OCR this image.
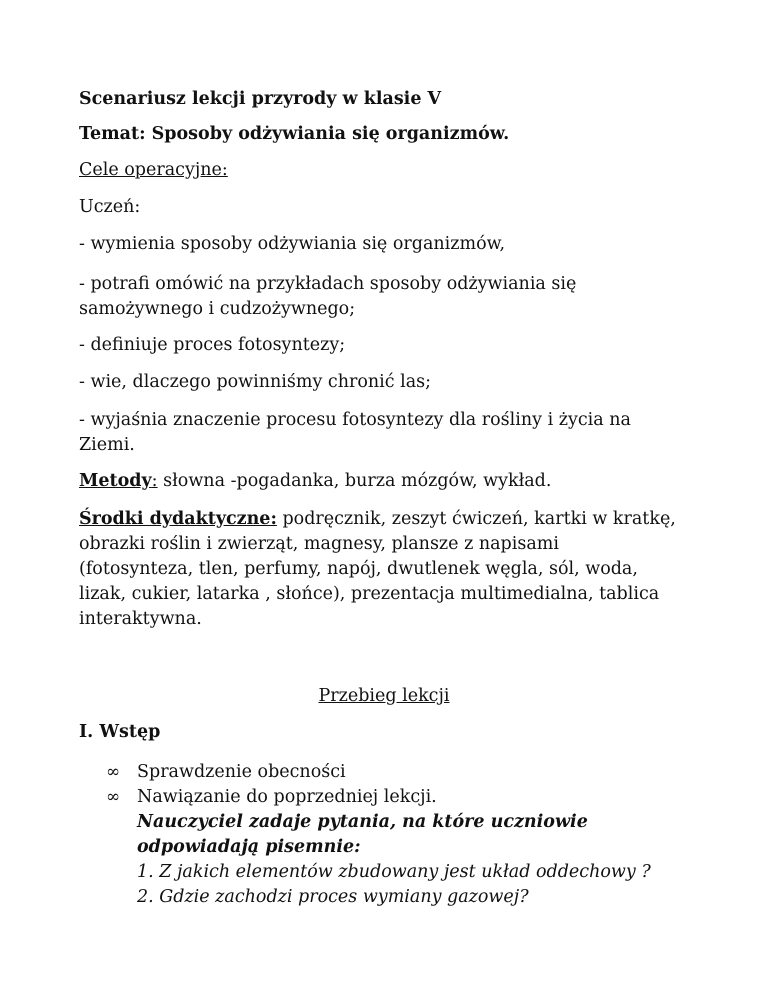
Scenariusz lekcji przyrody w klasie V
Temat: Sposoby odżywiania się organizmów.
Cele operacyjne:
Uczeń:
- wymienia sposoby odżywiania się organizmów,
- potrafi omówić na przykładach sposoby odżywiania się
samożywnego i cudzożywnego;
- definiuje proces fotosyntezy;
- wie, dlaczego powinniśmy chronić las;
- wyjaśnia znaczenie procesu fotosyntezy dla rośliny i życia na
Ziemi.
Metody: słowna -pogadanka, burza mózgów, wykład.
Środki dydaktyczne: podręcznik, zeszyt ćwiczeń, kartki w kratkę,
obrazki roślin i zwierząt, magnesy, plansze z napisami
(fotosynteza, tlen, perfumy, napój, dwutlenek węgla, sól, woda,
lizak, cukier, latarka , słońce), prezentacja multimedialna, tablica
interaktywna.
Przebieg lekcji
I. Wstęp
∞ Sprawdzenie obecności
∞ Nawiązanie do poprzedniej lekcji.
Nauczyciel zadaje pytania, na które uczniowie
odpowiadają pisemnie:
1. Z jakich elementów zbudowany jest układ oddechowy ?
2. Gdzie zachodzi proces wymiany gazowej?
